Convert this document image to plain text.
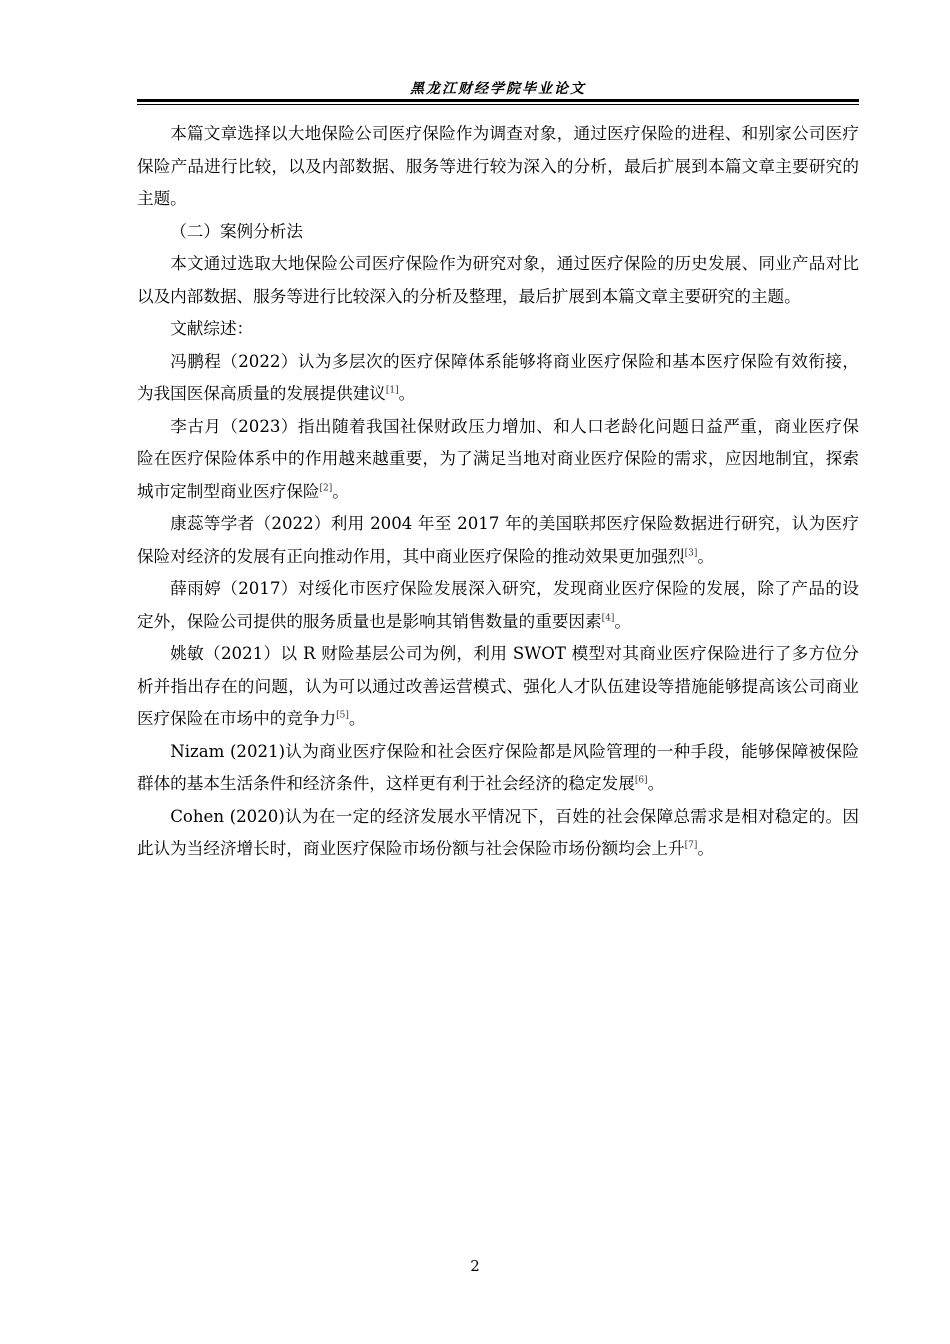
黑龙江财经学院毕业论文

本篇文章选择以大地保险公司医疗保险作为调查对象，通过医疗保险的进程、和别家公司医疗保险产品进行比较，以及内部数据、服务等进行较为深入的分析，最后扩展到本篇文章主要研究的主题。

（二）案例分析法

本文通过选取大地保险公司医疗保险作为研究对象，通过医疗保险的历史发展、同业产品对比以及内部数据、服务等进行比较深入的分析及整理，最后扩展到本篇文章主要研究的主题。

文献综述：

冯鹏程（2022）认为多层次的医疗保障体系能够将商业医疗保险和基本医疗保险有效衔接，为我国医保高质量的发展提供建议[1]。

李古月（2023）指出随着我国社保财政压力增加、和人口老龄化问题日益严重，商业医疗保险在医疗保险体系中的作用越来越重要，为了满足当地对商业医疗保险的需求，应因地制宜，探索城市定制型商业医疗保险[2]。

康蕊等学者（2022）利用 2004 年至 2017 年的美国联邦医疗保险数据进行研究，认为医疗保险对经济的发展有正向推动作用，其中商业医疗保险的推动效果更加强烈[3]。

薛雨婷（2017）对绥化市医疗保险发展深入研究，发现商业医疗保险的发展，除了产品的设定外，保险公司提供的服务质量也是影响其销售数量的重要因素[4]。

姚敏（2021）以 R 财险基层公司为例，利用 SWOT 模型对其商业医疗保险进行了多方位分析并指出存在的问题，认为可以通过改善运营模式、强化人才队伍建设等措施能够提高该公司商业医疗保险在市场中的竞争力[5]。

Nizam (2021)认为商业医疗保险和社会医疗保险都是风险管理的一种手段，能够保障被保险群体的基本生活条件和经济条件，这样更有利于社会经济的稳定发展[6]。

Cohen (2020)认为在一定的经济发展水平情况下，百姓的社会保障总需求是相对稳定的。因此认为当经济增长时，商业医疗保险市场份额与社会保险市场份额均会上升[7]。

2
